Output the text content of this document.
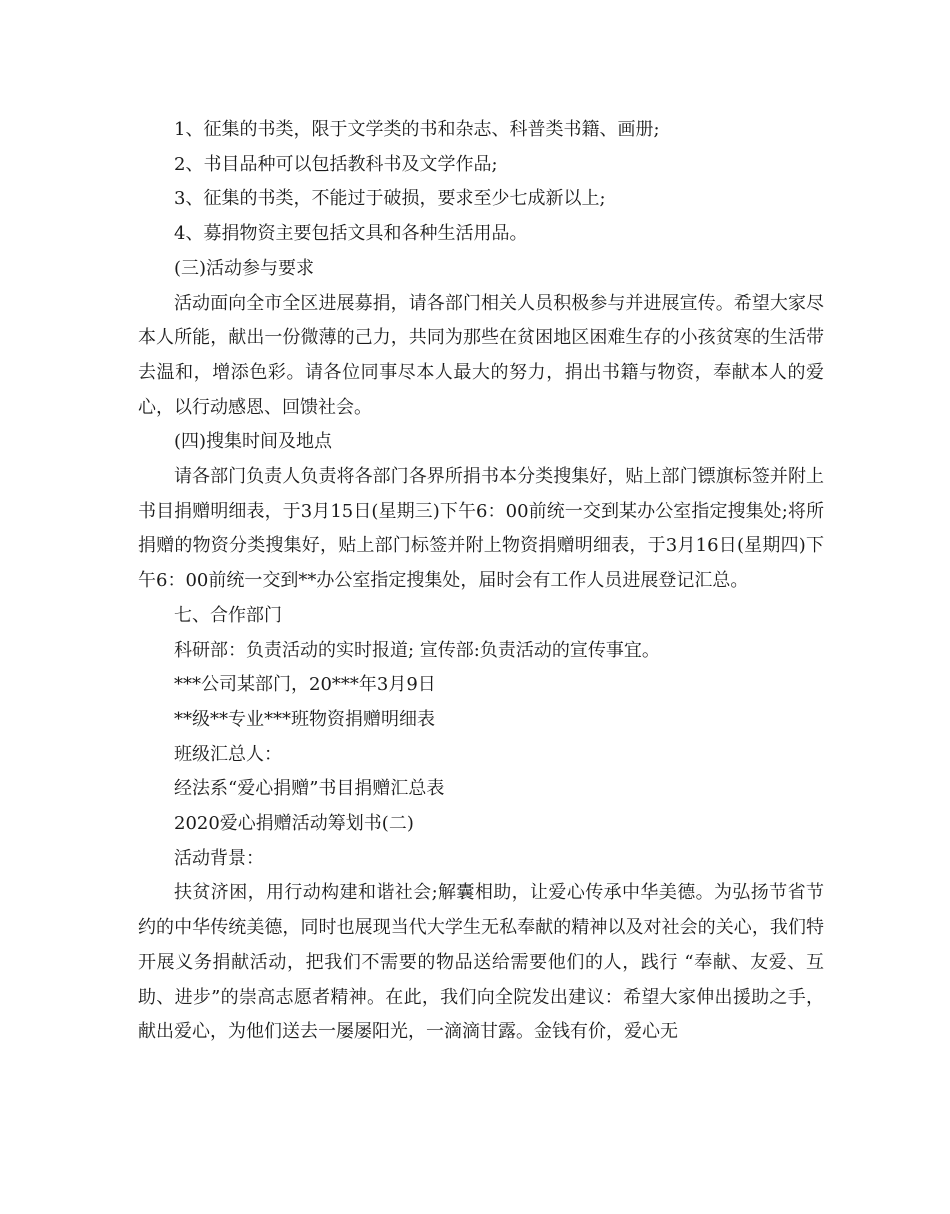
1、征集的书类，限于文学类的书和杂志、科普类书籍、画册;

2、书目品种可以包括教科书及文学作品;

3、征集的书类，不能过于破损，要求至少七成新以上;

4、募捐物资主要包括文具和各种生活用品。

(三)活动参与要求

活动面向全市全区进展募捐，请各部门相关人员积极参与并进展宣传。希望大家尽本人所能，献出一份微薄的己力，共同为那些在贫困地区困难生存的小孩贫寒的生活带去温和，增添色彩。请各位同事尽本人最大的努力，捐出书籍与物资，奉献本人的爱心，以行动感恩、回馈社会。

(四)搜集时间及地点

请各部门负责人负责将各部门各界所捐书本分类搜集好，贴上部门镖旗标签并附上书目捐赠明细表，于3月15日(星期三)下午6：00前统一交到某办公室指定搜集处;将所捐赠的物资分类搜集好，贴上部门标签并附上物资捐赠明细表，于3月16日(星期四)下午6：00前统一交到**办公室指定搜集处，届时会有工作人员进展登记汇总。

七、合作部门

科研部：负责活动的实时报道; 宣传部:负责活动的宣传事宜。

***公司某部门，20***年3月9日

**级**专业***班物资捐赠明细表

班级汇总人：

经法系“爱心捐赠”书目捐赠汇总表

2020爱心捐赠活动筹划书(二)

活动背景：

扶贫济困，用行动构建和谐社会;解囊相助，让爱心传承中华美德。为弘扬节省节约的中华传统美德，同时也展现当代大学生无私奉献的精神以及对社会的关心，我们特开展义务捐献活动，把我们不需要的物品送给需要他们的人，践行 “奉献、友爱、互助、进步”的崇高志愿者精神。在此，我们向全院发出建议：希望大家伸出援助之手，献出爱心，为他们送去一屡屡阳光，一滴滴甘露。金钱有价，爱心无
